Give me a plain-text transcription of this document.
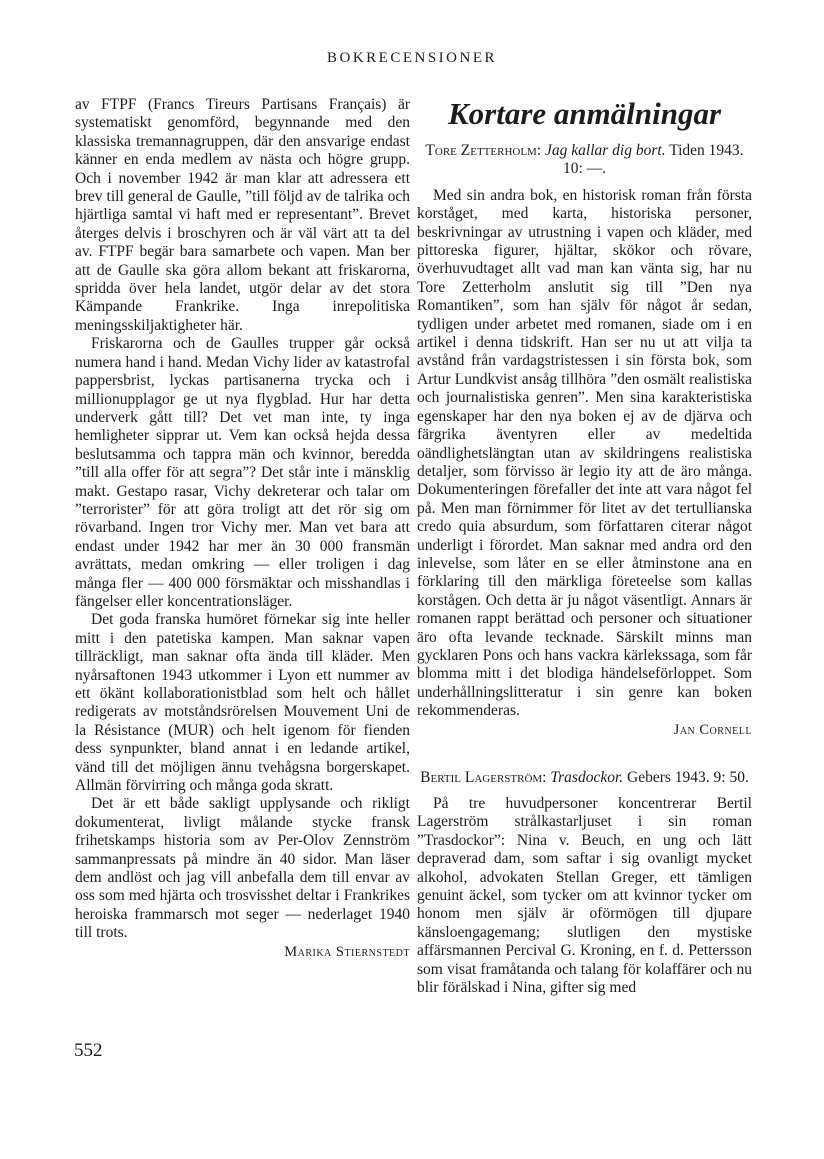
BOKRECENSIONER

av FTPF (Francs Tireurs Partisans Français) är systematiskt genomförd, begynnande med den klassiska tremannagruppen, där den ansvarige endast känner en enda medlem av nästa och högre grupp. Och i november 1942 är man klar att adressera ett brev till general de Gaulle, ”till följd av de talrika och hjärtliga samtal vi haft med er representant”. Brevet återges delvis i broschyren och är väl värt att ta del av. FTPF begär bara samarbete och vapen. Man ber att de Gaulle ska göra allom bekant att friskarorna, spridda över hela landet, utgör delar av det stora Kämpande Frankrike. Inga inrepolitiska meningsskiljaktigheter här.

Friskarorna och de Gaulles trupper går också numera hand i hand. Medan Vichy lider av katastrofal pappersbrist, lyckas partisanerna trycka och i millionupplagor ge ut nya flygblad. Hur har detta underverk gått till? Det vet man inte, ty inga hemligheter sipprar ut. Vem kan också hejda dessa beslutsamma och tappra män och kvinnor, beredda ”till alla offer för att segra”? Det står inte i mänsklig makt. Gestapo rasar, Vichy dekreterar och talar om ”terrorister” för att göra troligt att det rör sig om rövarband. Ingen tror Vichy mer. Man vet bara att endast under 1942 har mer än 30 000 fransmän avrättats, medan omkring — eller troligen i dag många fler — 400 000 försmäktar och misshandlas i fängelser eller koncentrationsläger.

Det goda franska humöret förnekar sig inte heller mitt i den patetiska kampen. Man saknar vapen tillräckligt, man saknar ofta ända till kläder. Men nyårsaftonen 1943 utkommer i Lyon ett nummer av ett ökänt kollaborationistblad som helt och hållet redigerats av motståndsrörelsen Mouvement Uni de la Résistance (MUR) och helt igenom för fienden dess synpunkter, bland annat i en ledande artikel, vänd till det möjligen ännu tvehågsna borgerskapet. Allmän förvirring och många goda skratt.

Det är ett både sakligt upplysande och rikligt dokumenterat, livligt målande stycke fransk frihetskamps historia som av Per-Olov Zennström sammanpressats på mindre än 40 sidor. Man läser dem andlöst och jag vill anbefalla dem till envar av oss som med hjärta och trosvisshet deltar i Frankrikes heroiska frammarsch mot seger — nederlaget 1940 till trots.

Marika Stiernstedt

Kortare anmälningar

Tore Zetterholm: Jag kallar dig bort. Tiden 1943. 10: —.

Med sin andra bok, en historisk roman från första korståget, med karta, historiska personer, beskrivningar av utrustning i vapen och kläder, med pittoreska figurer, hjältar, skökor och rövare, överhuvudtaget allt vad man kan vänta sig, har nu Tore Zetterholm anslutit sig till ”Den nya Romantiken”, som han själv för något år sedan, tydligen under arbetet med romanen, siade om i en artikel i denna tidskrift. Han ser nu ut att vilja ta avstånd från vardagstristessen i sin första bok, som Artur Lundkvist ansåg tillhöra ”den osmält realistiska och journalistiska genren”. Men sina karakteristiska egenskaper har den nya boken ej av de djärva och färgrika äventyren eller av medeltida oändlighetslängtan utan av skildringens realistiska detaljer, som förvisso är legio ity att de äro många. Dokumenteringen förefaller det inte att vara något fel på. Men man förnimmer för litet av det tertullianska credo quia absurdum, som författaren citerar något underligt i förordet. Man saknar med andra ord den inlevelse, som låter en se eller åtminstone ana en förklaring till den märkliga företeelse som kallas korstågen. Och detta är ju något väsentligt. Annars är romanen rappt berättad och personer och situationer äro ofta levande tecknade. Särskilt minns man gycklaren Pons och hans vackra kärlekssaga, som får blomma mitt i det blodiga händelseförloppet. Som underhållningslitteratur i sin genre kan boken rekommenderas.

Jan Cornell

Bertil Lagerström: Trasdockor. Gebers 1943. 9: 50.

På tre huvudpersoner koncentrerar Bertil Lagerström strålkastarljuset i sin roman ”Trasdockor”: Nina v. Beuch, en ung och lätt depraverad dam, som saftar i sig ovanligt mycket alkohol, advokaten Stellan Greger, ett tämligen genuint äckel, som tycker om att kvinnor tycker om honom men själv är oförmögen till djupare känsloengagemang; slutligen den mystiske affärsmannen Percival G. Kroning, en f. d. Pettersson som visat framåtanda och talang för kolaffärer och nu blir förälskad i Nina, gifter sig med

552
